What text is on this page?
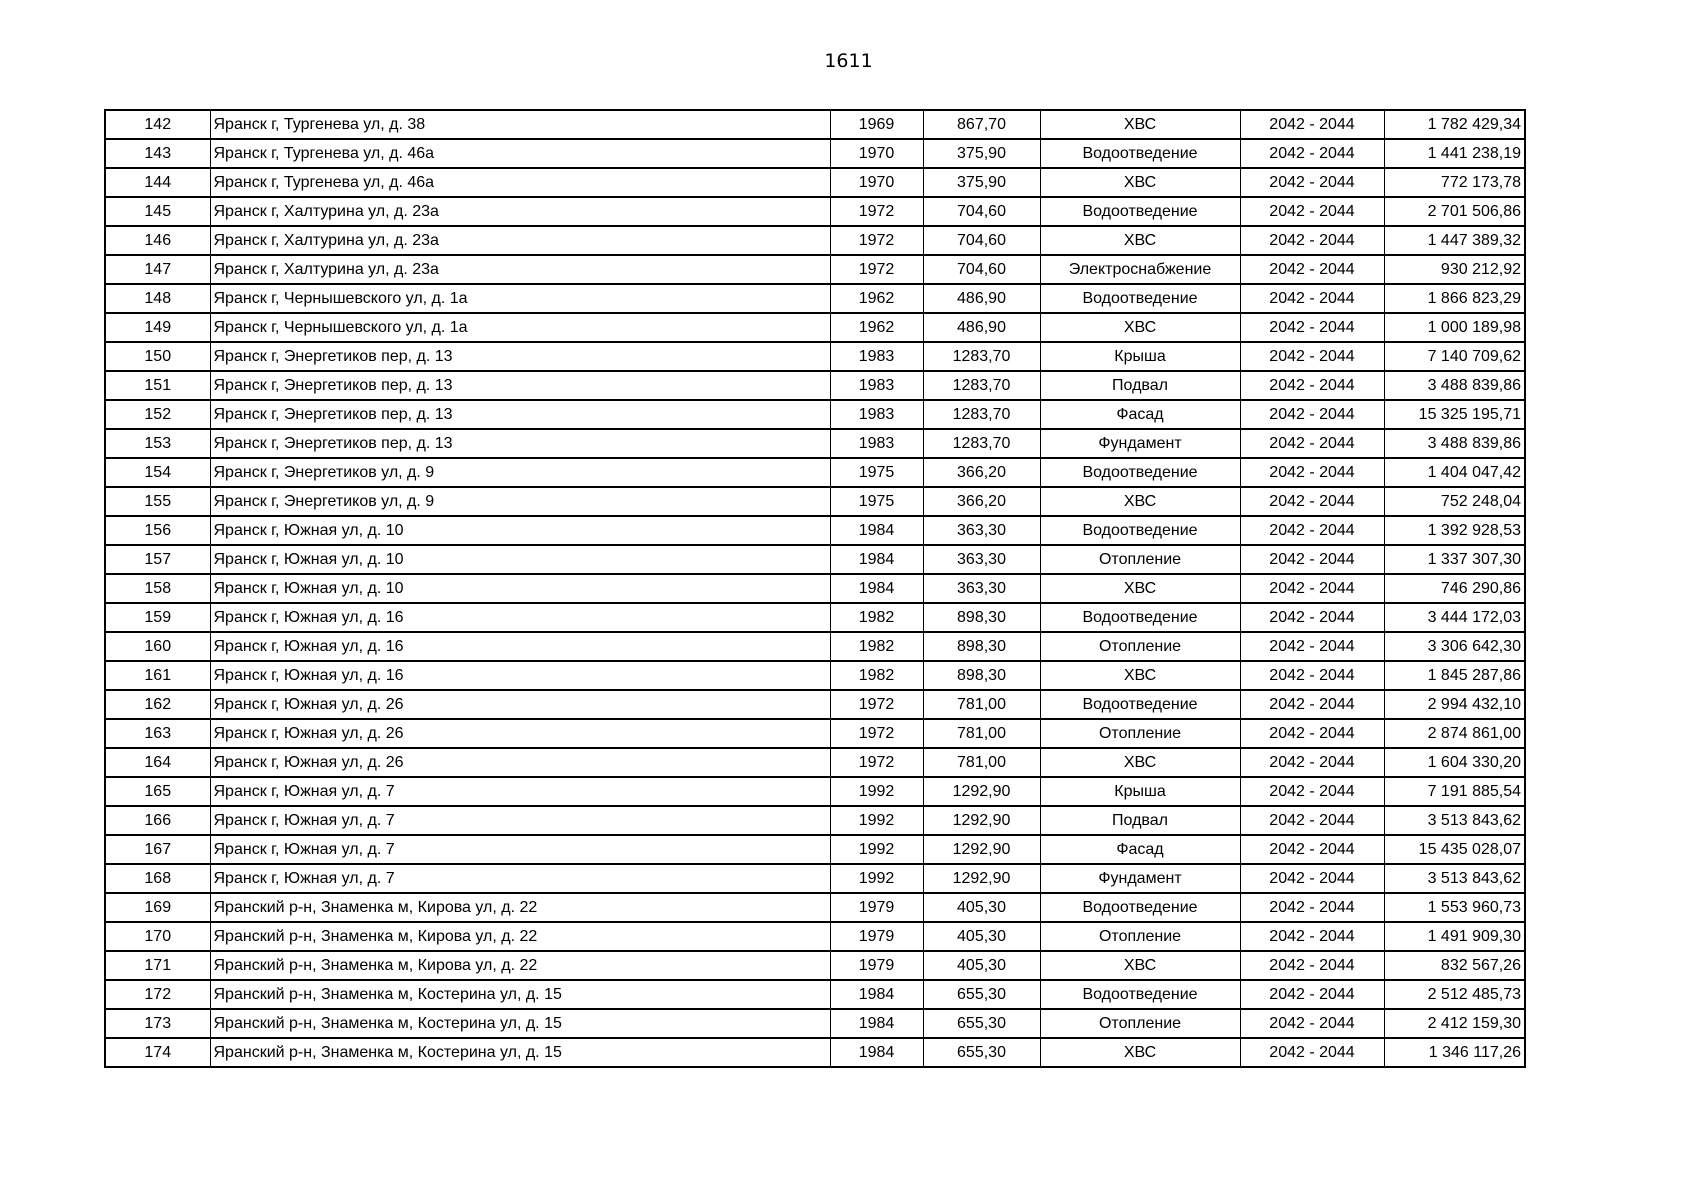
1611
142	Яранск г, Тургенева ул, д. 38	1969	867,70	ХВС	2042 - 2044	1 782 429,34
143	Яранск г, Тургенева ул, д. 46а	1970	375,90	Водоотведение	2042 - 2044	1 441 238,19
144	Яранск г, Тургенева ул, д. 46а	1970	375,90	ХВС	2042 - 2044	772 173,78
145	Яранск г, Халтурина ул, д. 23а	1972	704,60	Водоотведение	2042 - 2044	2 701 506,86
146	Яранск г, Халтурина ул, д. 23а	1972	704,60	ХВС	2042 - 2044	1 447 389,32
147	Яранск г, Халтурина ул, д. 23а	1972	704,60	Электроснабжение	2042 - 2044	930 212,92
148	Яранск г, Чернышевского ул, д. 1а	1962	486,90	Водоотведение	2042 - 2044	1 866 823,29
149	Яранск г, Чернышевского ул, д. 1а	1962	486,90	ХВС	2042 - 2044	1 000 189,98
150	Яранск г, Энергетиков пер, д. 13	1983	1283,70	Крыша	2042 - 2044	7 140 709,62
151	Яранск г, Энергетиков пер, д. 13	1983	1283,70	Подвал	2042 - 2044	3 488 839,86
152	Яранск г, Энергетиков пер, д. 13	1983	1283,70	Фасад	2042 - 2044	15 325 195,71
153	Яранск г, Энергетиков пер, д. 13	1983	1283,70	Фундамент	2042 - 2044	3 488 839,86
154	Яранск г, Энергетиков ул, д. 9	1975	366,20	Водоотведение	2042 - 2044	1 404 047,42
155	Яранск г, Энергетиков ул, д. 9	1975	366,20	ХВС	2042 - 2044	752 248,04
156	Яранск г, Южная ул, д. 10	1984	363,30	Водоотведение	2042 - 2044	1 392 928,53
157	Яранск г, Южная ул, д. 10	1984	363,30	Отопление	2042 - 2044	1 337 307,30
158	Яранск г, Южная ул, д. 10	1984	363,30	ХВС	2042 - 2044	746 290,86
159	Яранск г, Южная ул, д. 16	1982	898,30	Водоотведение	2042 - 2044	3 444 172,03
160	Яранск г, Южная ул, д. 16	1982	898,30	Отопление	2042 - 2044	3 306 642,30
161	Яранск г, Южная ул, д. 16	1982	898,30	ХВС	2042 - 2044	1 845 287,86
162	Яранск г, Южная ул, д. 26	1972	781,00	Водоотведение	2042 - 2044	2 994 432,10
163	Яранск г, Южная ул, д. 26	1972	781,00	Отопление	2042 - 2044	2 874 861,00
164	Яранск г, Южная ул, д. 26	1972	781,00	ХВС	2042 - 2044	1 604 330,20
165	Яранск г, Южная ул, д. 7	1992	1292,90	Крыша	2042 - 2044	7 191 885,54
166	Яранск г, Южная ул, д. 7	1992	1292,90	Подвал	2042 - 2044	3 513 843,62
167	Яранск г, Южная ул, д. 7	1992	1292,90	Фасад	2042 - 2044	15 435 028,07
168	Яранск г, Южная ул, д. 7	1992	1292,90	Фундамент	2042 - 2044	3 513 843,62
169	Яранский р-н, Знаменка м, Кирова ул, д. 22	1979	405,30	Водоотведение	2042 - 2044	1 553 960,73
170	Яранский р-н, Знаменка м, Кирова ул, д. 22	1979	405,30	Отопление	2042 - 2044	1 491 909,30
171	Яранский р-н, Знаменка м, Кирова ул, д. 22	1979	405,30	ХВС	2042 - 2044	832 567,26
172	Яранский р-н, Знаменка м, Костерина ул, д. 15	1984	655,30	Водоотведение	2042 - 2044	2 512 485,73
173	Яранский р-н, Знаменка м, Костерина ул, д. 15	1984	655,30	Отопление	2042 - 2044	2 412 159,30
174	Яранский р-н, Знаменка м, Костерина ул, д. 15	1984	655,30	ХВС	2042 - 2044	1 346 117,26
